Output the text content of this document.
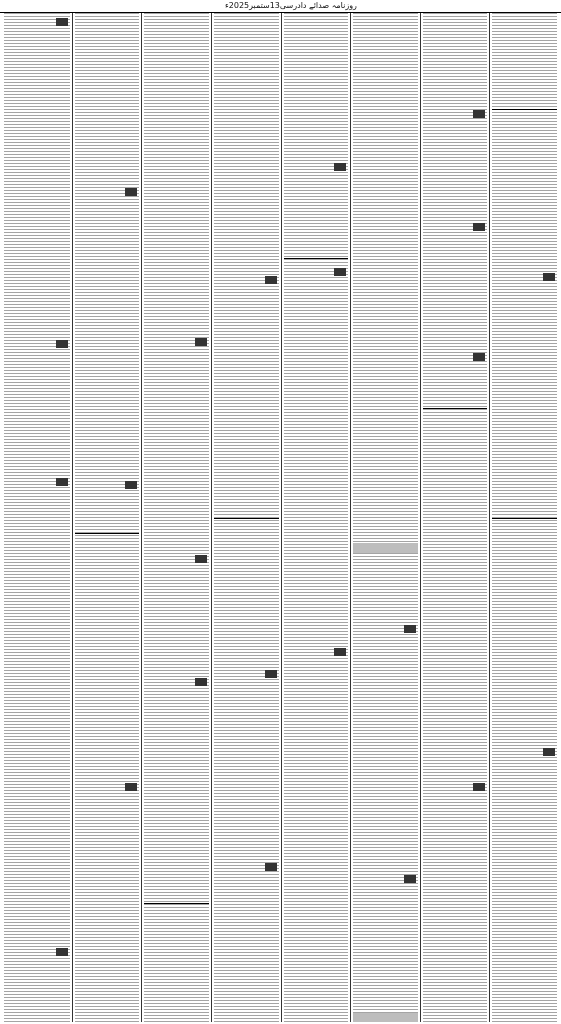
روزنامہ صدائے دادرسی13ستمبر2025ء
